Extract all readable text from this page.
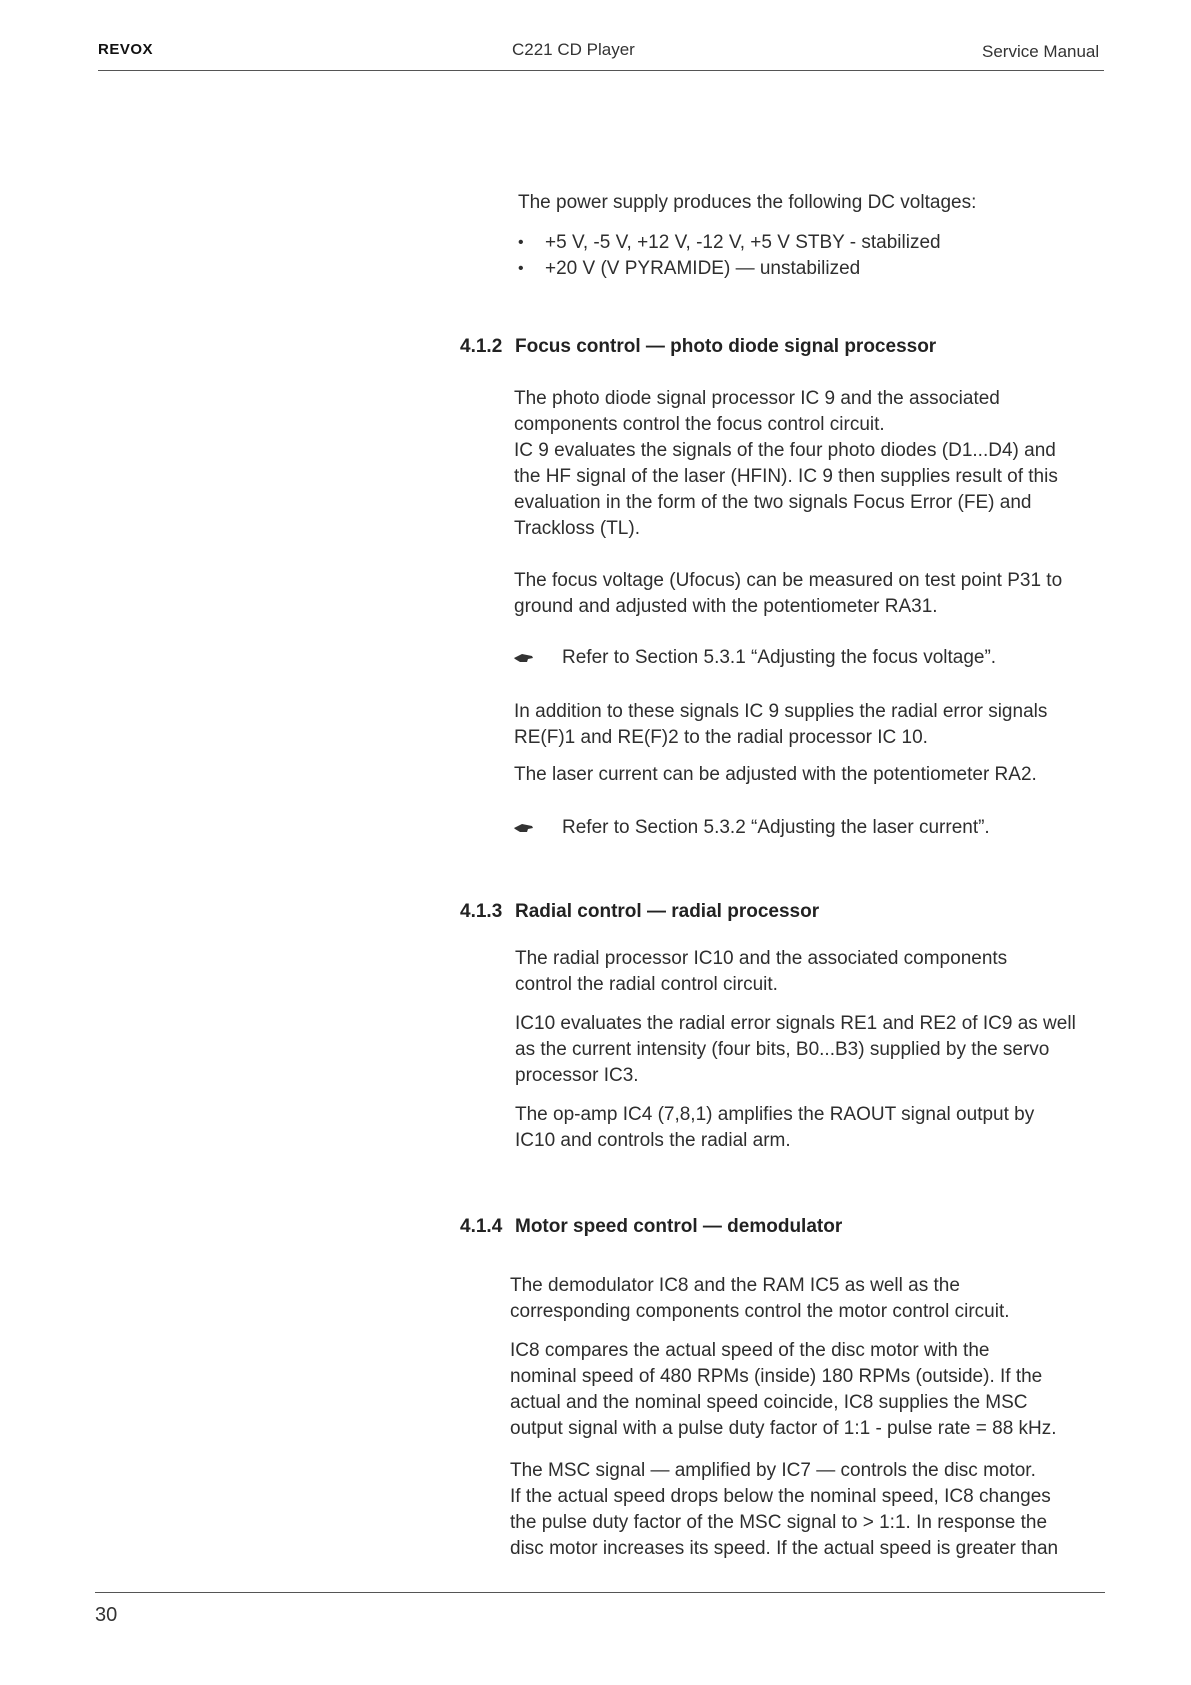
REVOX	C221 CD Player	Service Manual
The power supply produces the following DC voltages:
• +5 V, -5 V, +12 V, -12 V, +5 V STBY - stabilized
• +20 V (V PYRAMIDE) — unstabilized
4.1.2 Focus control — photo diode signal processor
The photo diode signal processor IC 9 and the associated
components control the focus control circuit.
IC 9 evaluates the signals of the four photo diodes (D1...D4) and
the HF signal of the laser (HFIN). IC 9 then supplies result of this
evaluation in the form of the two signals Focus Error (FE) and
Trackloss (TL).
The focus voltage (Ufocus) can be measured on test point P31 to
ground and adjusted with the potentiometer RA31.
Refer to Section 5.3.1 “Adjusting the focus voltage”.
In addition to these signals IC 9 supplies the radial error signals
RE(F)1 and RE(F)2 to the radial processor IC 10.
The laser current can be adjusted with the potentiometer RA2.
Refer to Section 5.3.2 “Adjusting the laser current”.
4.1.3 Radial control — radial processor
The radial processor IC10 and the associated components
control the radial control circuit.
IC10 evaluates the radial error signals RE1 and RE2 of IC9 as well
as the current intensity (four bits, B0...B3) supplied by the servo
processor IC3.
The op-amp IC4 (7,8,1) amplifies the RAOUT signal output by
IC10 and controls the radial arm.
4.1.4 Motor speed control — demodulator
The demodulator IC8 and the RAM IC5 as well as the
corresponding components control the motor control circuit.
IC8 compares the actual speed of the disc motor with the
nominal speed of 480 RPMs (inside) 180 RPMs (outside). If the
actual and the nominal speed coincide, IC8 supplies the MSC
output signal with a pulse duty factor of 1:1 - pulse rate = 88 kHz.
The MSC signal — amplified by IC7 — controls the disc motor.
If the actual speed drops below the nominal speed, IC8 changes
the pulse duty factor of the MSC signal to > 1:1. In response the
disc motor increases its speed. If the actual speed is greater than
30
